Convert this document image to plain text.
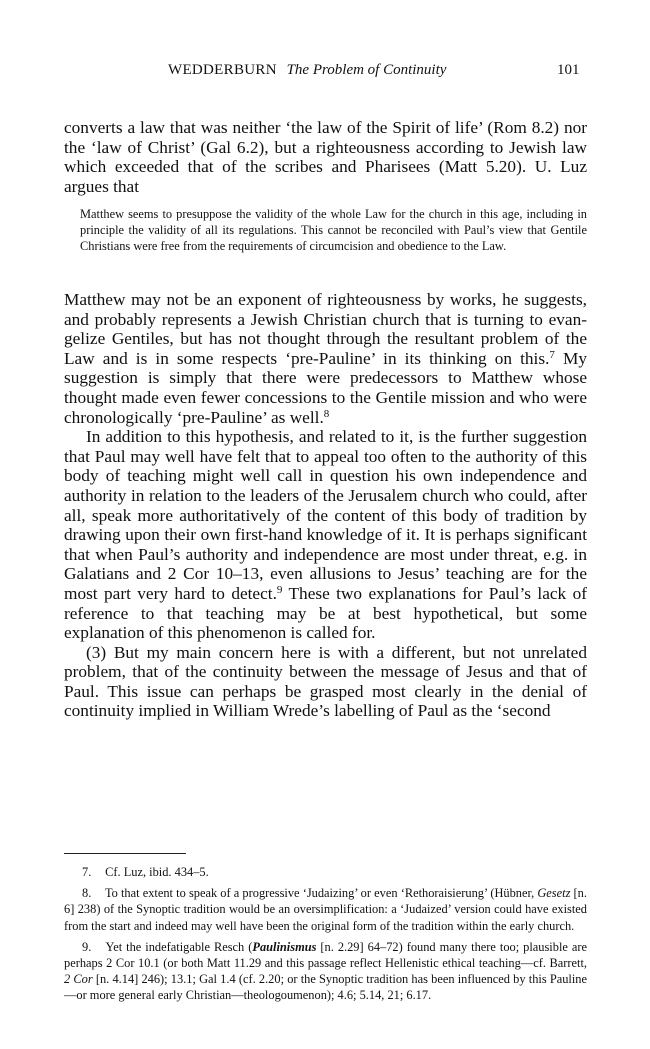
WEDDERBURN The Problem of Continuity	101

converts a law that was neither ‘the law of the Spirit of life’ (Rom 8.2) nor the ‘law of Christ’ (Gal 6.2), but a righteousness according to Jewish law which exceeded that of the scribes and Pharisees (Matt 5.20). U. Luz argues that

Matthew seems to presuppose the validity of the whole Law for the church in this age, including in principle the validity of all its regulations. This cannot be reconciled with Paul’s view that Gentile Christians were free from the requirements of circumcision and obedience to the Law.

Matthew may not be an exponent of righteousness by works, he suggests, and probably represents a Jewish Christian church that is turning to evangelize Gentiles, but has not thought through the resultant problem of the Law and is in some respects ‘pre-Pauline’ in its thinking on this.$^7$ My suggestion is simply that there were predecessors to Matthew whose thought made even fewer concessions to the Gentile mission and who were chronologically ‘pre-Pauline’ as well.$^8$

In addition to this hypothesis, and related to it, is the further suggestion that Paul may well have felt that to appeal too often to the authority of this body of teaching might well call in question his own independence and authority in relation to the leaders of the Jerusalem church who could, after all, speak more authoritatively of the content of this body of tradition by drawing upon their own first-hand knowledge of it. It is perhaps significant that when Paul’s authority and independence are most under threat, e.g. in Galatians and 2 Cor 10–13, even allusions to Jesus’ teaching are for the most part very hard to detect.$^9$ These two explanations for Paul’s lack of reference to that teaching may be at best hypothetical, but some explanation of this phenomenon is called for.

(3) But my main concern here is with a different, but not unrelated problem, that of the continuity between the message of Jesus and that of Paul. This issue can perhaps be grasped most clearly in the denial of continuity implied in William Wrede’s labelling of Paul as the ‘second

7. Cf. Luz, ibid. 434–5.

8. To that extent to speak of a progressive ‘Judaizing’ or even ‘Rethoraisierung’ (Hübner, Gesetz [n. 6] 238) of the Synoptic tradition would be an oversimplification: a ‘Judaized’ version could have existed from the start and indeed may well have been the original form of the tradition within the early church.

9. Yet the indefatigable Resch (Paulinismus [n. 2.29] 64–72) found many there too; plausible are perhaps 2 Cor 10.1 (or both Matt 11.29 and this passage reflect Hellenistic ethical teaching—cf. Barrett, 2 Cor [n. 4.14] 246); 13.1; Gal 1.4 (cf. 2.20; or the Synoptic tradition has been influenced by this Pauline—or more general early Christian—theologoumenon); 4.6; 5.14, 21; 6.17.
